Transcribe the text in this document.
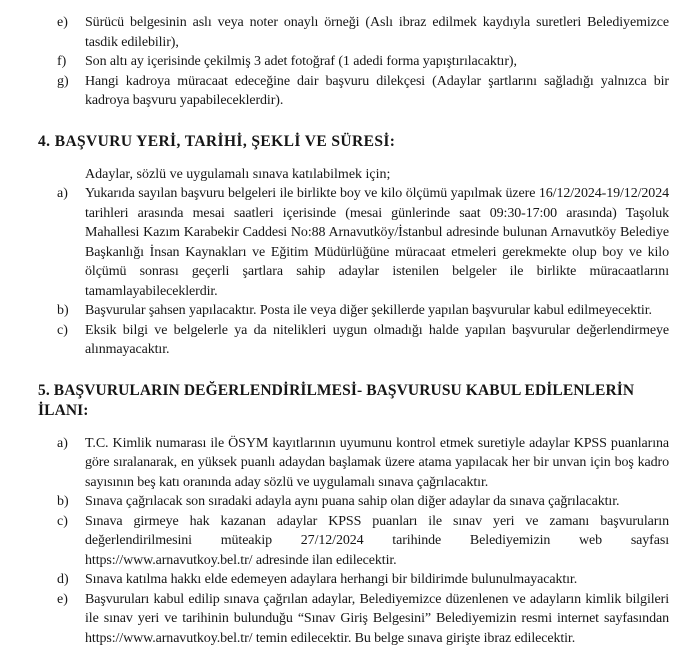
e)	Sürücü belgesinin aslı veya noter onaylı örneği (Aslı ibraz edilmek kaydıyla suretleri Belediyemizce tasdik edilebilir),
f)	Son altı ay içerisinde çekilmiş 3 adet fotoğraf (1 adedi forma yapıştırılacaktır),
g)	Hangi kadroya müracaat edeceğine dair başvuru dilekçesi (Adaylar şartlarını sağladığı yalnızca bir kadroya başvuru yapabileceklerdir).
4. BAŞVURU YERİ, TARİHİ, ŞEKLİ VE SÜRESİ:

Adaylar, sözlü ve uygulamalı sınava katılabilmek için;

a)	Yukarıda sayılan başvuru belgeleri ile birlikte boy ve kilo ölçümü yapılmak üzere 16/12/2024-19/12/2024 tarihleri arasında mesai saatleri içerisinde (mesai günlerinde saat 09:30-17:00 arasında) Taşoluk Mahallesi Kazım Karabekir Caddesi No:88 Arnavutköy/İstanbul adresinde bulunan Arnavutköy Belediye Başkanlığı İnsan Kaynakları ve Eğitim Müdürlüğüne müracaat etmeleri gerekmekte olup boy ve kilo ölçümü sonrası geçerli şartlara sahip adaylar istenilen belgeler ile birlikte müracaatlarını tamamlayabileceklerdir.
b)	Başvurular şahsen yapılacaktır. Posta ile veya diğer şekillerde yapılan başvurular kabul edilmeyecektir.
c)	Eksik bilgi ve belgelerle ya da nitelikleri uygun olmadığı halde yapılan başvurular değerlendirmeye alınmayacaktır.
5. BAŞVURULARIN DEĞERLENDİRİLMESİ- BAŞVURUSU KABUL EDİLENLERİN İLANI:
a)	T.C. Kimlik numarası ile ÖSYM kayıtlarının uyumunu kontrol etmek suretiyle adaylar KPSS puanlarına göre sıralanarak, en yüksek puanlı adaydan başlamak üzere atama yapılacak her bir unvan için boş kadro sayısının beş katı oranında aday sözlü ve uygulamalı sınava çağrılacaktır.
b)	Sınava çağrılacak son sıradaki adayla aynı puana sahip olan diğer adaylar da sınava çağrılacaktır.
c)	Sınava girmeye hak kazanan adaylar KPSS puanları ile sınav yeri ve zamanı başvuruların değerlendirilmesini müteakip 27/12/2024 tarihinde Belediyemizin web sayfası https://www.arnavutkoy.bel.tr/ adresinde ilan edilecektir.
d)	Sınava katılma hakkı elde edemeyen adaylara herhangi bir bildirimde bulunulmayacaktır.
e)	Başvuruları kabul edilip sınava çağrılan adaylar, Belediyemizce düzenlenen ve adayların kimlik bilgileri ile sınav yeri ve tarihinin bulunduğu “Sınav Giriş Belgesini” Belediyemizin resmi internet sayfasından https://www.arnavutkoy.bel.tr/ temin edilecektir. Bu belge sınava girişte ibraz edilecektir.
